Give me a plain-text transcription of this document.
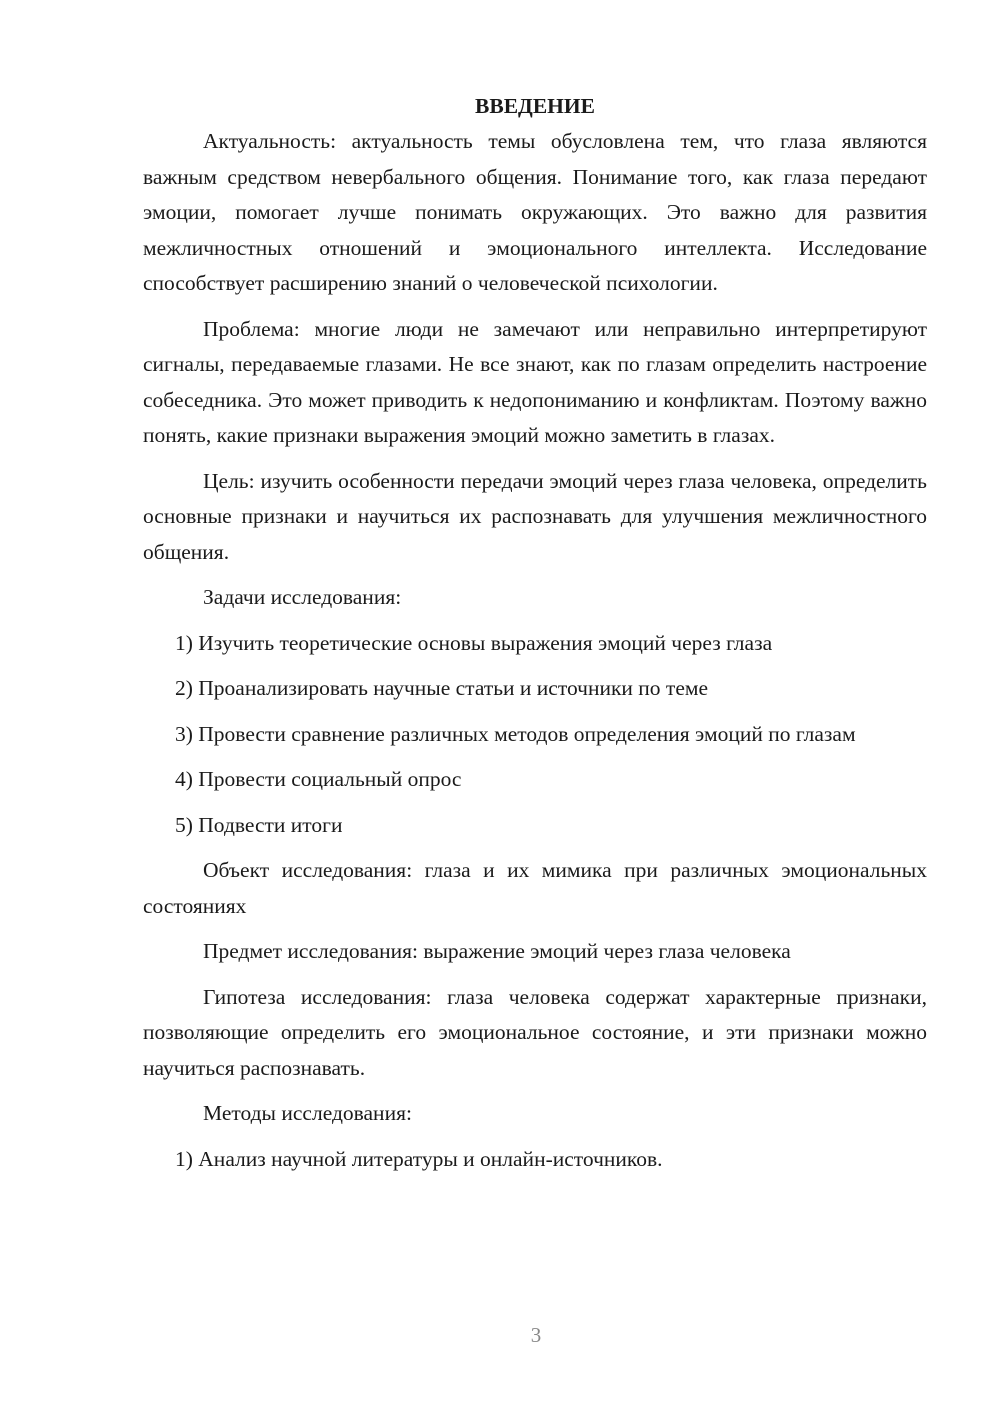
ВВЕДЕНИЕ

Актуальность: актуальность темы обусловлена тем, что глаза являются важным средством невербального общения. Понимание того, как глаза передают эмоции, помогает лучше понимать окружающих. Это важно для развития межличностных отношений и эмоционального интеллекта. Исследование способствует расширению знаний о человеческой психологии.

Проблема: многие люди не замечают или неправильно интерпретируют сигналы, передаваемые глазами. Не все знают, как по глазам определить настроение собеседника. Это может приводить к недопониманию и конфликтам. Поэтому важно понять, какие признаки выражения эмоций можно заметить в глазах.

Цель: изучить особенности передачи эмоций через глаза человека, определить основные признаки и научиться их распознавать для улучшения межличностного общения.

Задачи исследования:

1) Изучить теоретические основы выражения эмоций через глаза

2) Проанализировать научные статьи и источники по теме

3) Провести сравнение различных методов определения эмоций по глазам

4) Провести социальный опрос

5) Подвести итоги

Объект исследования: глаза и их мимика при различных эмоциональных состояниях

Предмет исследования: выражение эмоций через глаза человека

Гипотеза исследования: глаза человека содержат характерные признаки, позволяющие определить его эмоциональное состояние, и эти признаки можно научиться распознавать.

Методы исследования:

1) Анализ научной литературы и онлайн-источников.

3
